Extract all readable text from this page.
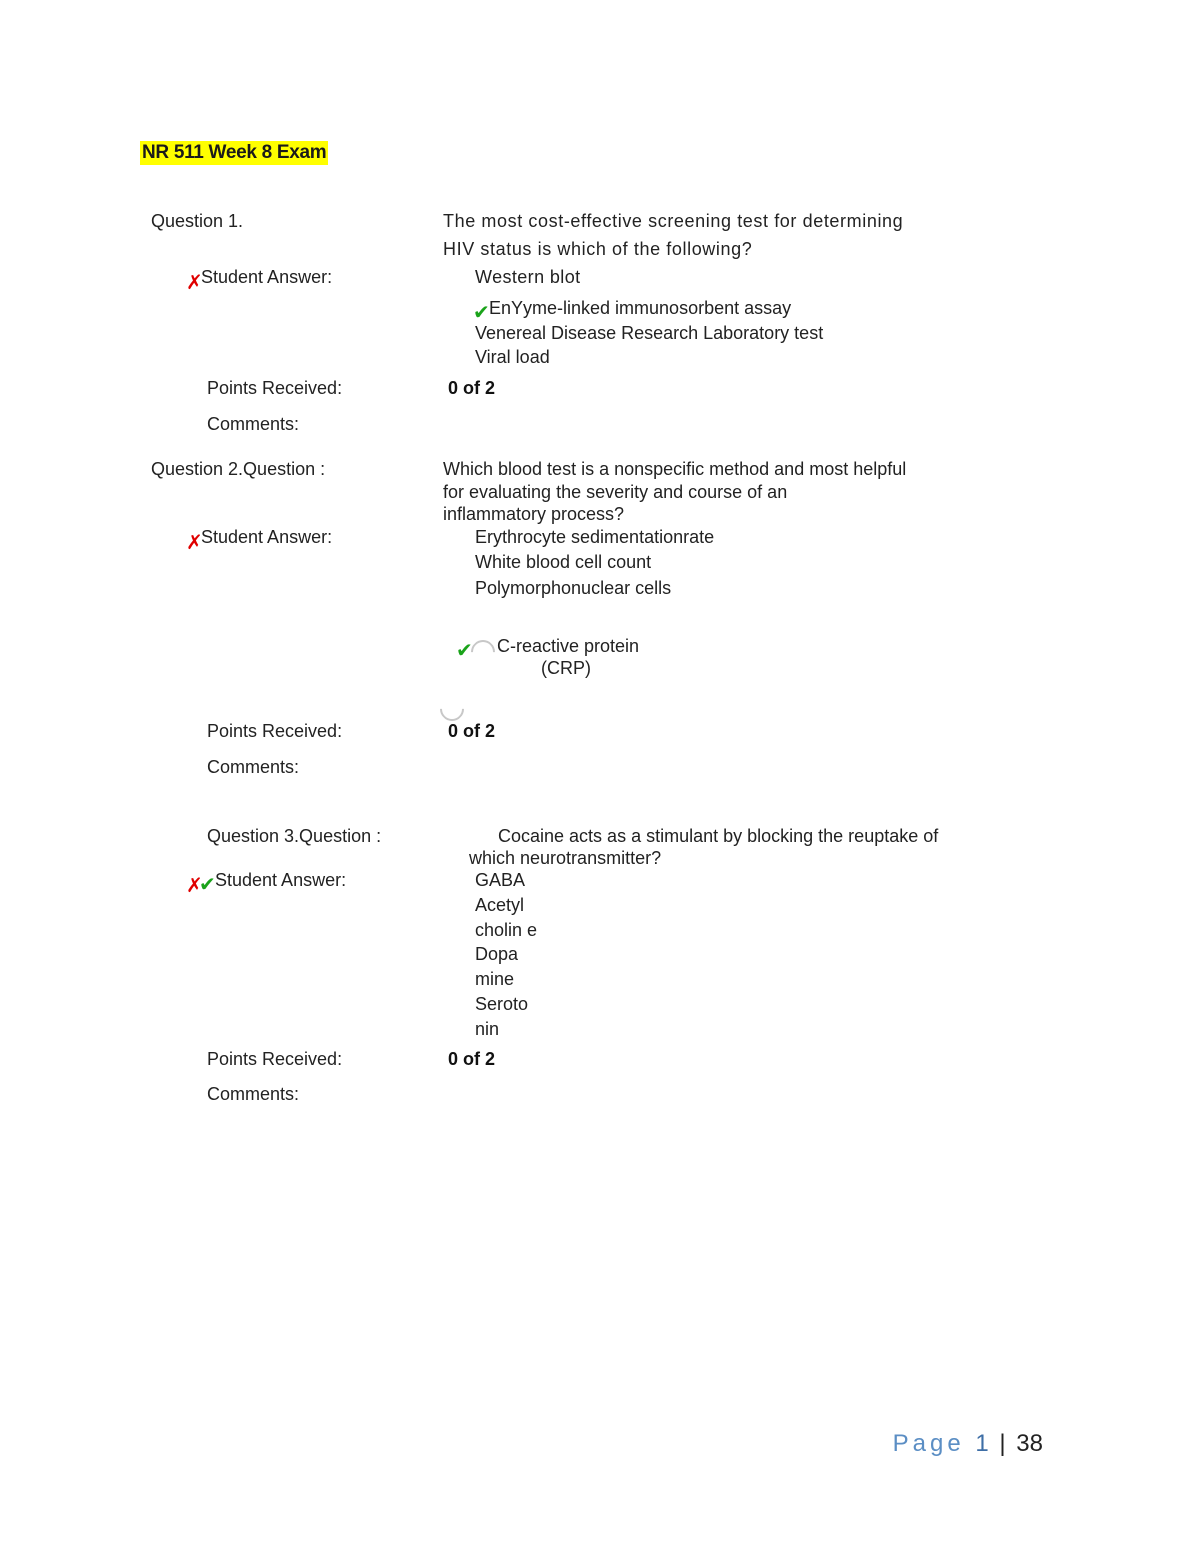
NR 511 Week 8 Exam
Question 1.	The most cost-effective screening test for determining
HIV status is which of the following?
✗
Student Answer:	Western blot
✔ EnYyme-linked immunosorbent assay
Venereal Disease Research Laboratory test
Viral load
Points Received:	0 of 2
Comments:
Question 2.Question :	Which blood test is a nonspecific method and most helpful
for evaluating the severity and course of an
inflammatory process?
✗
Student Answer:	Erythrocyte sedimentationrate
White blood cell count
Polymorphonuclear cells
✔ C-reactive protein
(CRP)
Points Received:	0 of 2
Comments:
Question 3.Question :	Cocaine acts as a stimulant by blocking the reuptake of
which neurotransmitter?
✗
✔ Student Answer:	GABA
Acetyl
cholin e
Dopa
mine
Seroto
nin
Points Received:	0 of 2
Comments:
Page 1 | 38
